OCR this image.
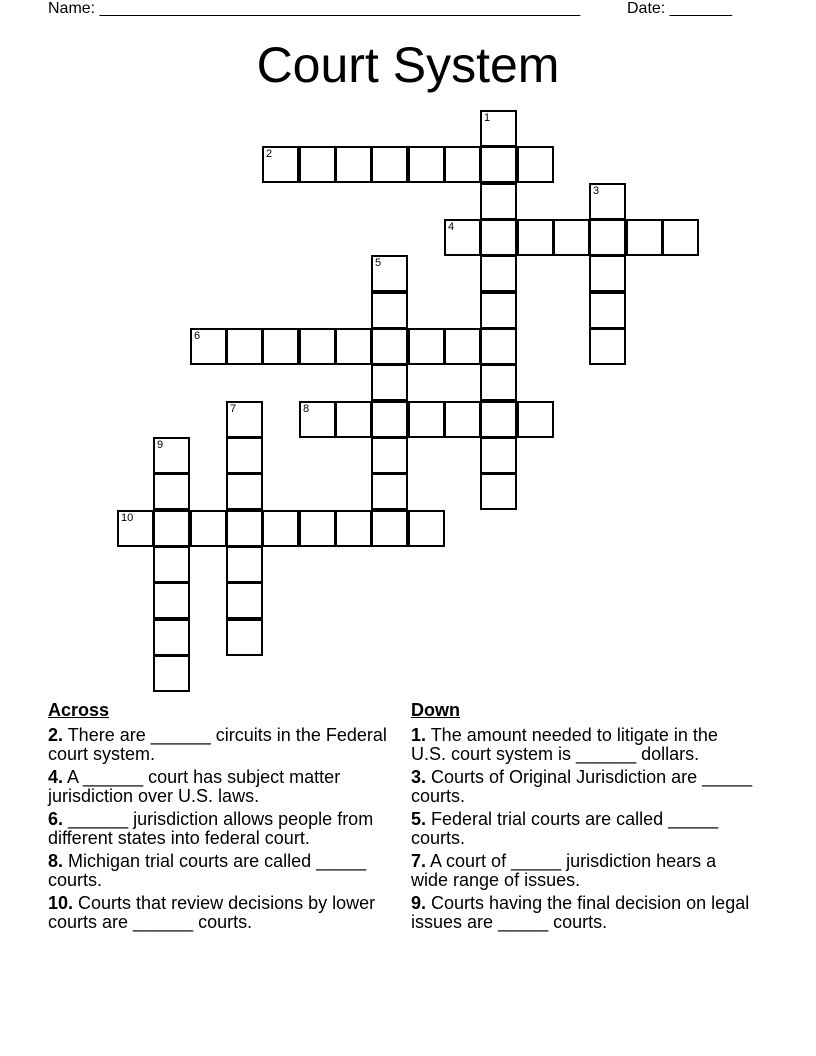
Name: ______________________________________________________	Date: _______
Court System
1
2
3
4
5
6
7	8
9
10
Across
2. There are ______ circuits in the Federal court system.
4. A ______ court has subject matter jurisdiction over U.S. laws.
6. ______ jurisdiction allows people from different states into federal court.
8. Michigan trial courts are called _____ courts.
10. Courts that review decisions by lower courts are ______ courts.
Down
1. The amount needed to litigate in the U.S. court system is ______ dollars.
3. Courts of Original Jurisdiction are _____ courts.
5. Federal trial courts are called _____ courts.
7. A court of _____ jurisdiction hears a wide range of issues.
9. Courts having the final decision on legal issues are _____ courts.
